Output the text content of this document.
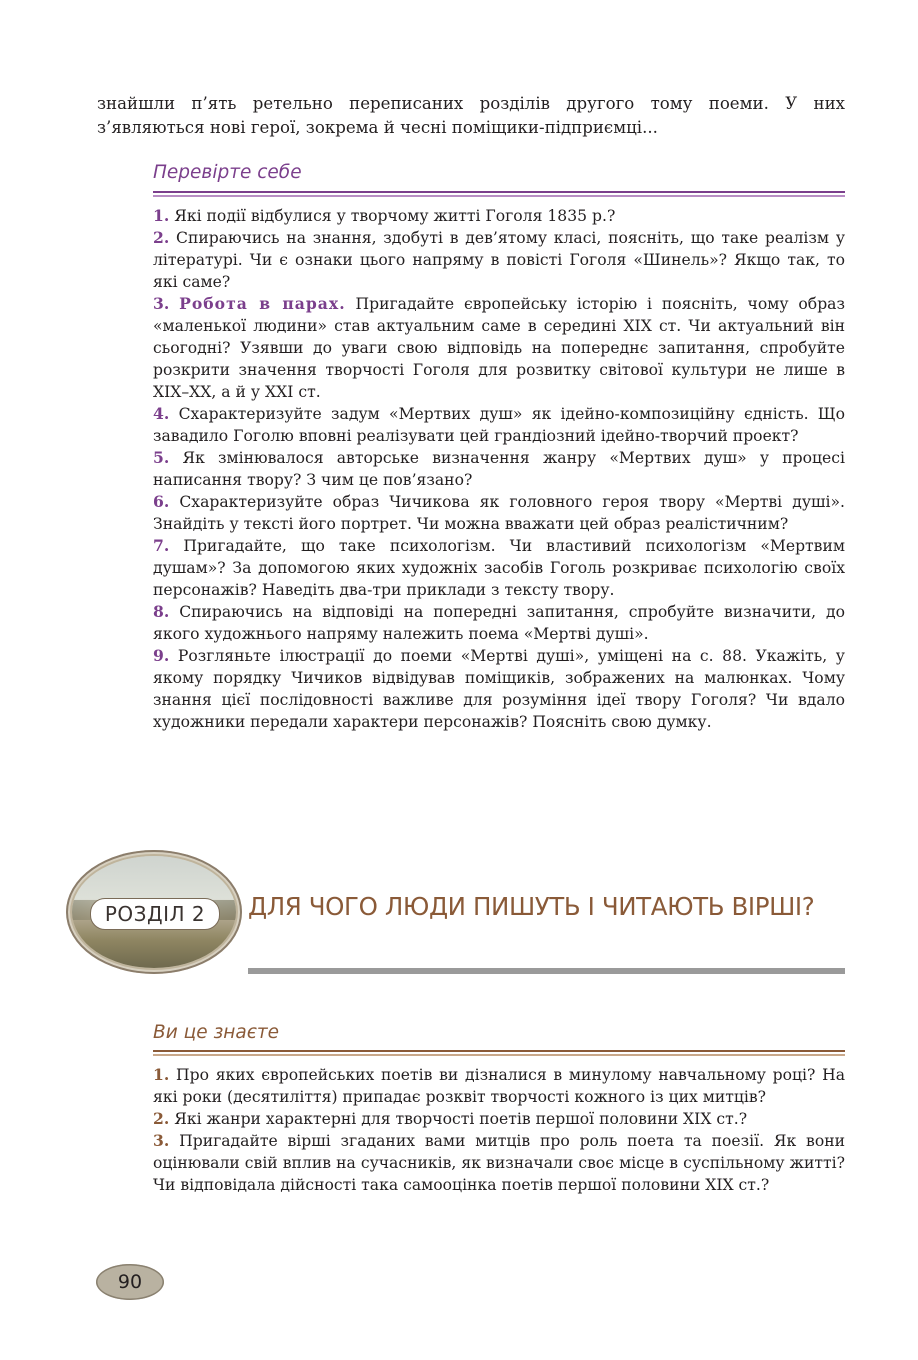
знайшли п’ять ретельно переписаних розділів другого тому поеми. У них з’являються нові герої, зокрема й чесні поміщики-підприємці...

Перевірте себе

1. Які події відбулися у творчому житті Гоголя 1835 р.?

2. Спираючись на знання, здобуті в дев’ятому класі, поясніть, що таке реалізм у літературі. Чи є ознаки цього напряму в повісті Гоголя «Шинель»? Якщо так, то які саме?

3. Робота в парах. Пригадайте європейську історію і поясніть, чому образ «маленької людини» став актуальним саме в середині ХІХ ст. Чи актуальний він сьогодні? Узявши до уваги свою відповідь на попереднє запитання, спробуйте розкрити значення творчості Гоголя для розвитку світової культури не лише в ХІХ–ХХ, а й у ХХІ ст.

4. Схарактеризуйте задум «Мертвих душ» як ідейно-композиційну єдність. Що завадило Гоголю вповні реалізувати цей грандіозний ідейно-творчий проект?

5. Як змінювалося авторське визначення жанру «Мертвих душ» у процесі написання твору? З чим це пов’язано?

6. Схарактеризуйте образ Чичикова як головного героя твору «Мертві душі». Знайдіть у тексті його портрет. Чи можна вважати цей образ реалістичним?

7. Пригадайте, що таке психологізм. Чи властивий психологізм «Мертвим душам»? За допомогою яких художніх засобів Гоголь розкриває психологію своїх персонажів? Наведіть два-три приклади з тексту твору.

8. Спираючись на відповіді на попередні запитання, спробуйте визначити, до якого художнього напряму належить поема «Мертві душі».

9. Розгляньте ілюстрації до поеми «Мертві душі», уміщені на с. 88. Укажіть, у якому порядку Чичиков відвідував поміщиків, зображених на малюнках. Чому знання цієї послідовності важливе для розуміння ідеї твору Гоголя? Чи вдало художники передали характери персонажів? Поясніть свою думку.

РОЗДІЛ 2	ДЛЯ ЧОГО ЛЮДИ ПИШУТЬ І ЧИТАЮТЬ ВІРШІ?
Ви це знаєте

1. Про яких європейських поетів ви дізналися в минулому навчальному році? На які роки (десятиліття) припадає розквіт творчості кожного із цих митців?

2. Які жанри характерні для творчості поетів першої половини ХІХ ст.?

3. Пригадайте вірші згаданих вами митців про роль поета та поезії. Як вони оцінювали свій вплив на сучасників, як визначали своє місце в суспільному житті? Чи відповідала дійсності така самооцінка поетів першої половини ХІХ ст.?

90
